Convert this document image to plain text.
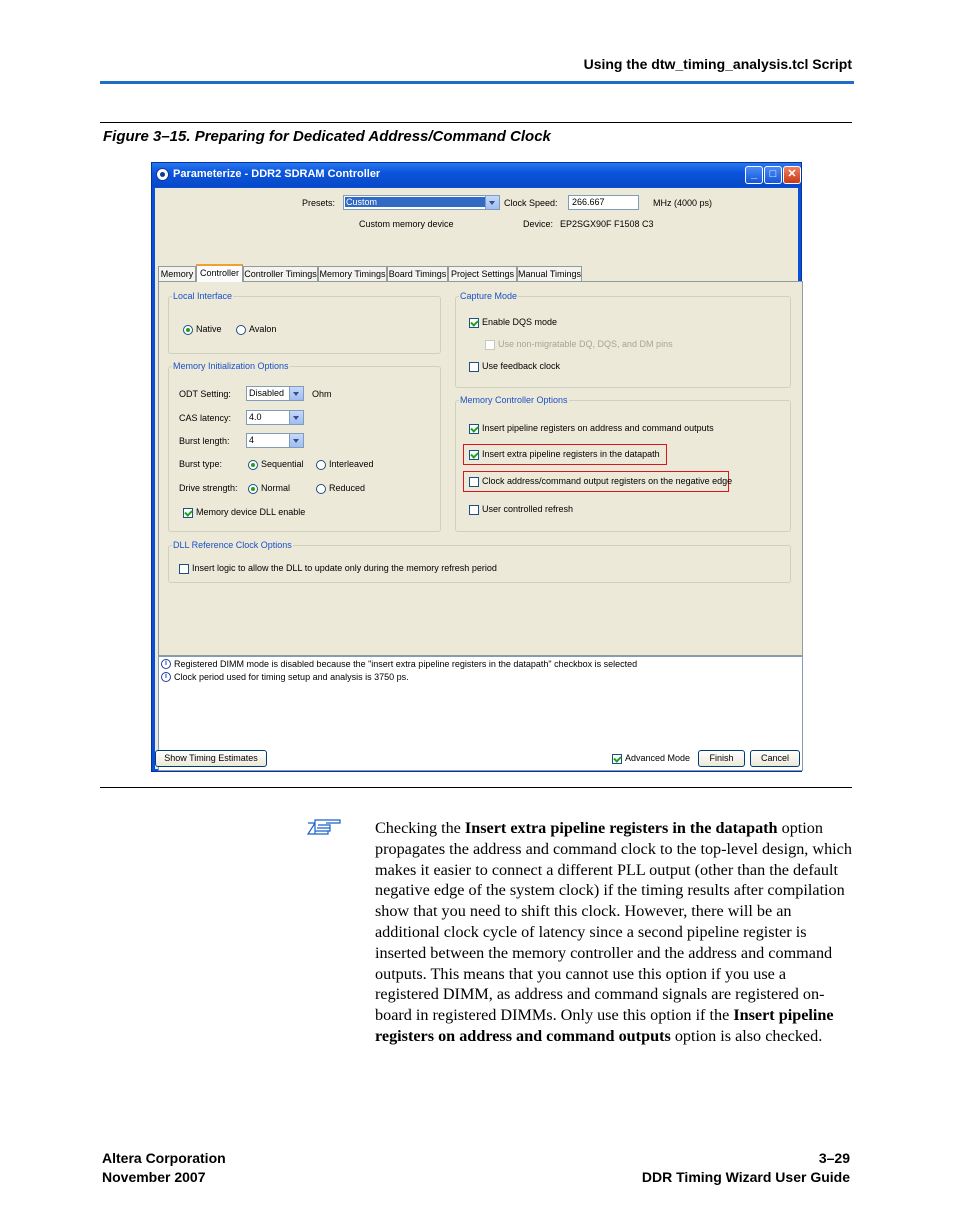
Using the dtw_timing_analysis.tcl Script
Figure 3–15. Preparing for Dedicated Address/Command Clock
Parameterize - DDR2 SDRAM Controller	_	□	✕
Presets: Custom
Custom memory device
Clock Speed:	266.667	MHz (4000 ps)
Device: EP2SGX90F F1508 C3
Memory Controller Controller Timings Memory Timings Board Timings Project Settings Manual Timings
Local Interface
Native	Avalon
Memory Initialization Options
ODT Setting: Disabled	Ohm
CAS latency: 4.0
Burst length: 4
Burst type:	Sequential	Interleaved
Drive strength:	Normal	Reduced
Memory device DLL enable
Capture Mode
Enable DQS mode
Use non-migratable DQ, DQS, and DM pins
Use feedback clock
Memory Controller Options
Insert pipeline registers on address and command outputs
Insert extra pipeline registers in the datapath
Clock address/command output registers on the negative edge
User controlled refresh
DLL Reference Clock Options
Insert logic to allow the DLL to update only during the memory refresh period
i Registered DIMM mode is disabled because the "insert extra pipeline registers in the datapath" checkbox is selected
i Clock period used for timing setup and analysis is 3750 ps.
Show Timing Estimates	Advanced Mode	Finish	Cancel
Checking the Insert extra pipeline registers in the datapath option propagates the address and command clock to the top-level design, which makes it easier to connect a different PLL output (other than the default negative edge of the system clock) if the timing results after compilation show that you need to shift this clock. However, there will be an additional clock cycle of latency since a second pipeline register is inserted between the memory controller and the address and command outputs. This means that you cannot use this option if you use a registered DIMM, as address and command signals are registered on-board in registered DIMMs. Only use this option if the Insert pipeline registers on address and command outputs option is also checked.
Altera Corporation
November 2007
3–29
DDR Timing Wizard User Guide
